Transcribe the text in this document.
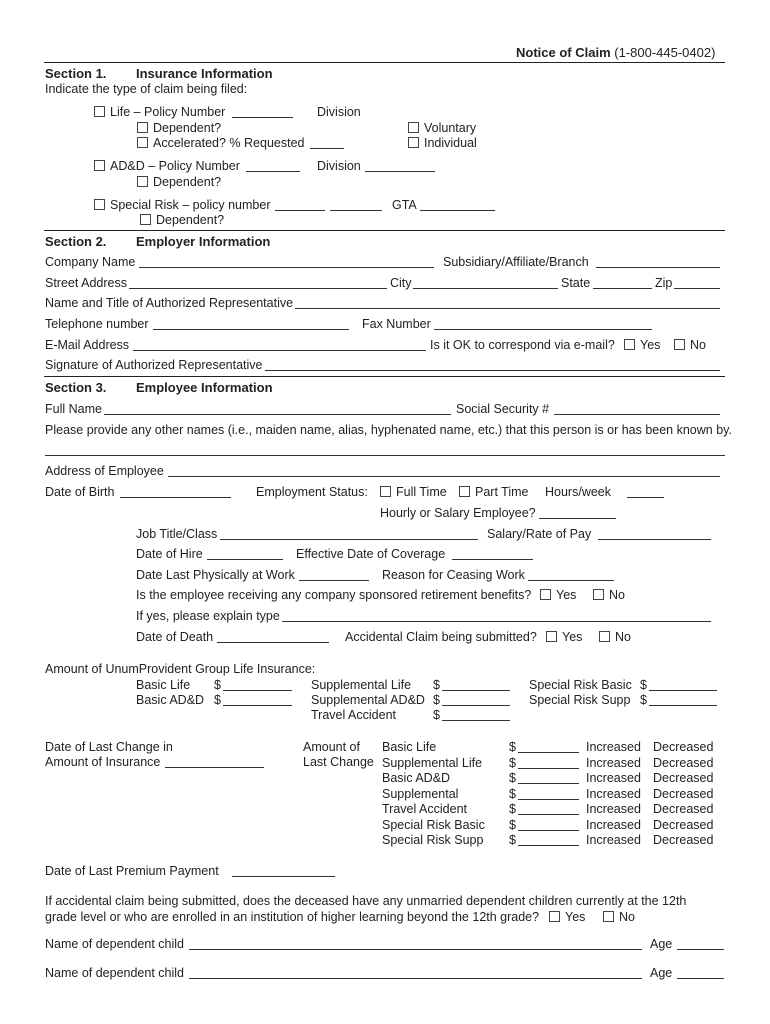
Notice of Claim (1-800-445-0402)
Section 1. Insurance Information
Indicate the type of claim being filed:
Life – Policy Number	Division
Dependent?	Voluntary
Accelerated? % Requested	Individual
AD&D – Policy Number	Division
Dependent?
Special Risk – policy number	GTA
Dependent?
Section 2. Employer Information
Company Name	Subsidiary/Affiliate/Branch
Street Address	City	State	Zip
Name and Title of Authorized Representative
Telephone number	Fax Number
E-Mail Address	Is it OK to correspond via e-mail?	Yes	No
Signature of Authorized Representative
Section 3. Employee Information
Full Name	Social Security #
Please provide any other names (i.e., maiden name, alias, hyphenated name, etc.) that this person is or has been known by.
Address of Employee
Date of Birth	Employment Status:	Full Time	Part Time Hours/week
Hourly or Salary Employee?
Job Title/Class	Salary/Rate of Pay
Date of Hire	Effective Date of Coverage
Date Last Physically at Work	Reason for Ceasing Work
Is the employee receiving any company sponsored retirement benefits?	Yes	No
If yes, please explain type
Date of Death	Accidental Claim being submitted?	Yes	No
Amount of UnumProvident Group Life Insurance:
Basic Life $
Basic AD&D $
Supplemental Life $
Supplemental AD&D $
Travel Accident	$
Special Risk Basic $
Special Risk Supp $
Date of Last Change in
Amount of Insurance
Amount of
Last Change
Basic Life	$	Increased Decreased
Supplemental Life $	Increased Decreased
Basic AD&D	$	Increased Decreased
Supplemental	$	Increased Decreased
Travel Accident	$	Increased Decreased
Special Risk Basic $	Increased Decreased
Special Risk Supp $	Increased Decreased
Date of Last Premium Payment
If accidental claim being submitted, does the deceased have any unmarried dependent children currently at the 12th
grade level or who are enrolled in an institution of higher learning beyond the 12th grade?	Yes	No
Name of dependent child	Age
Name of dependent child	Age
